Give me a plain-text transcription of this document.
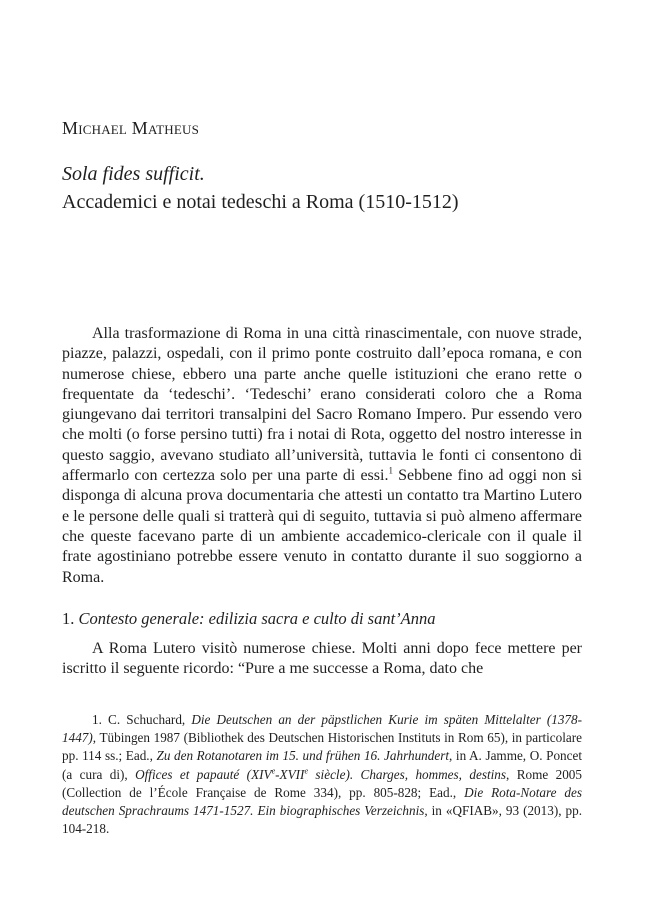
Michael Matheus
Sola fides sufficit.
Accademici e notai tedeschi a Roma (1510-1512)
Alla trasformazione di Roma in una città rinascimentale, con nuove strade, piazze, palazzi, ospedali, con il primo ponte costruito dall’epoca romana, e con numerose chiese, ebbero una parte anche quelle istituzioni che erano rette o frequentate da ‘tedeschi’. ‘Tedeschi’ erano considerati coloro che a Roma giungevano dai territori transalpini del Sacro Romano Impero. Pur essendo vero che molti (o forse persino tutti) fra i notai di Rota, oggetto del nostro interesse in questo saggio, avevano studiato all’università, tuttavia le fonti ci consentono di affermarlo con certezza solo per una parte di essi.$^1$ Sebbene fino ad oggi non si disponga di alcuna prova documentaria che attesti un contatto tra Martino Lutero e le persone delle quali si tratterà qui di seguito, tuttavia si può almeno affermare che queste facevano parte di un ambiente accademico-clericale con il quale il frate agostiniano potrebbe essere venuto in contatto durante il suo soggiorno a Roma.
1. Contesto generale: edilizia sacra e culto di sant’Anna
A Roma Lutero visitò numerose chiese. Molti anni dopo fece mettere per iscritto il seguente ricordo: “Pure a me successe a Roma, dato che
1. C. Schuchard, Die Deutschen an der päpstlichen Kurie im späten Mittelalter (1378-1447), Tübingen 1987 (Bibliothek des Deutschen Historischen Instituts in Rom 65), in particolare pp. 114 ss.; Ead., Zu den Rotanotaren im 15. und frühen 16. Jahrhundert, in A. Jamme, O. Poncet (a cura di), Offices et papauté (XIVe-XVIIe siècle). Charges, hommes, destins, Rome 2005 (Collection de l’École Française de Rome 334), pp. 805-828; Ead., Die Rota-Notare des deutschen Sprachraums 1471-1527. Ein biographisches Verzeichnis, in «QFIAB», 93 (2013), pp. 104-218.
